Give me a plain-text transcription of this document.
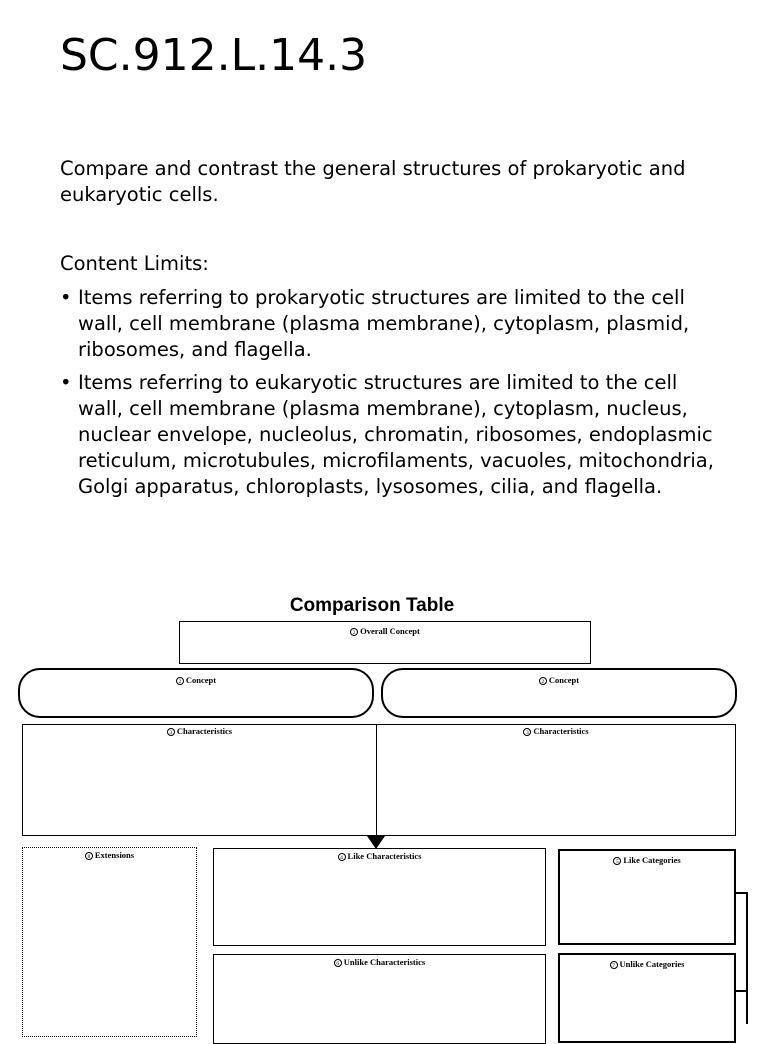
SC.912.L.14.3
Compare and contrast the general structures of prokaryotic and eukaryotic cells.
Content Limits:
• Items referring to prokaryotic structures are limited to the cell wall, cell membrane (plasma membrane), cytoplasm, plasmid, ribosomes, and flagella.
• Items referring to eukaryotic structures are limited to the cell wall, cell membrane (plasma membrane), cytoplasm, nucleus, nuclear envelope, nucleolus, chromatin, ribosomes, endoplasmic reticulum, microtubules, microfilaments, vacuoles, mitochondria, Golgi apparatus, chloroplasts, lysosomes, cilia, and flagella.
Comparison Table
2 Overall Concept
2 Concept	2 Concept
3 Characteristics	3 Characteristics
8 Extensions	4 Like Characteristics
6 Unlike Characteristics
5 Like Categories
7 Unlike Categories
